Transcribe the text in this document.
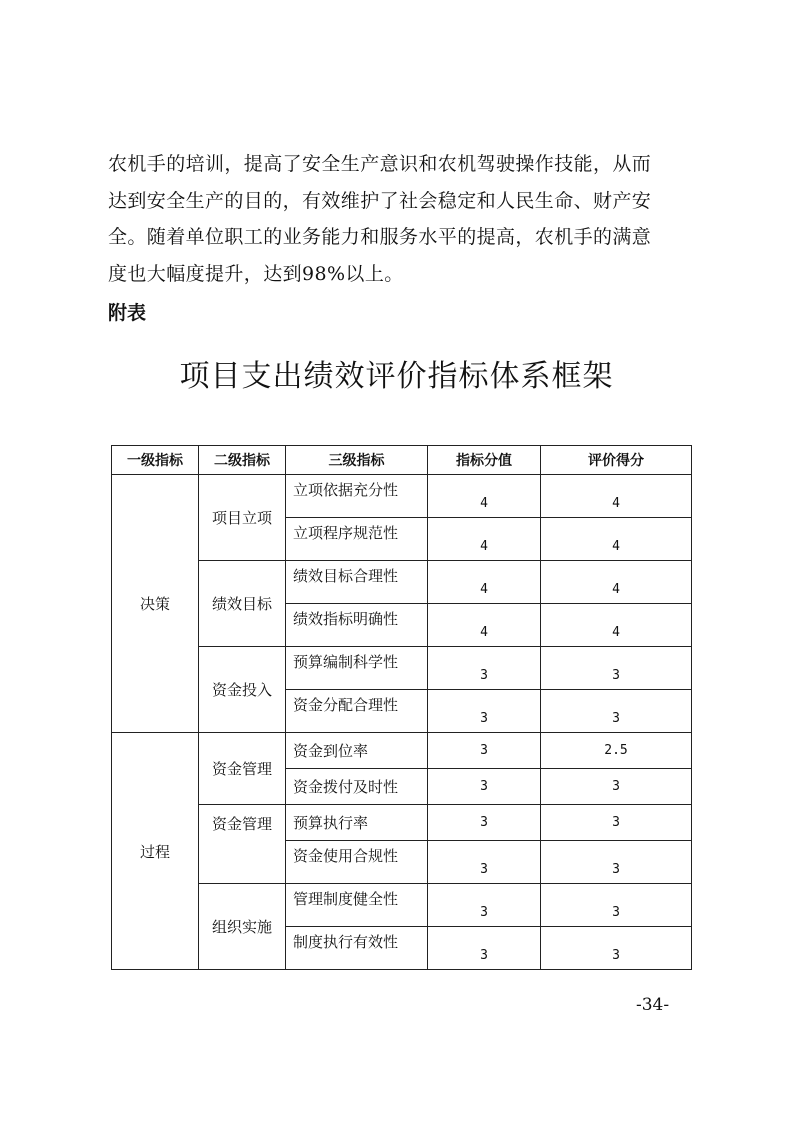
农机手的培训，提高了安全生产意识和农机驾驶操作技能，从而

达到安全生产的目的，有效维护了社会稳定和人民生命、财产安

全。随着单位职工的业务能力和服务水平的提高，农机手的满意

度也大幅度提升，达到98%以上。

附表
项目支出绩效评价指标体系框架
一级指标	二级指标	三级指标	指标分值	评价得分
决策	项目立项	立项依据充分性	4	4
		立项程序规范性	4	4
	绩效目标	绩效目标合理性	4	4
		绩效指标明确性	4	4
	资金投入	预算编制科学性	3	3
		资金分配合理性	3	3
过程	资金管理	资金到位率	3	2.5
		资金拨付及时性	3	3
	资金管理	预算执行率	3	3
		资金使用合规性	3	3
	组织实施	管理制度健全性	3	3
		制度执行有效性	3	3
-34-
